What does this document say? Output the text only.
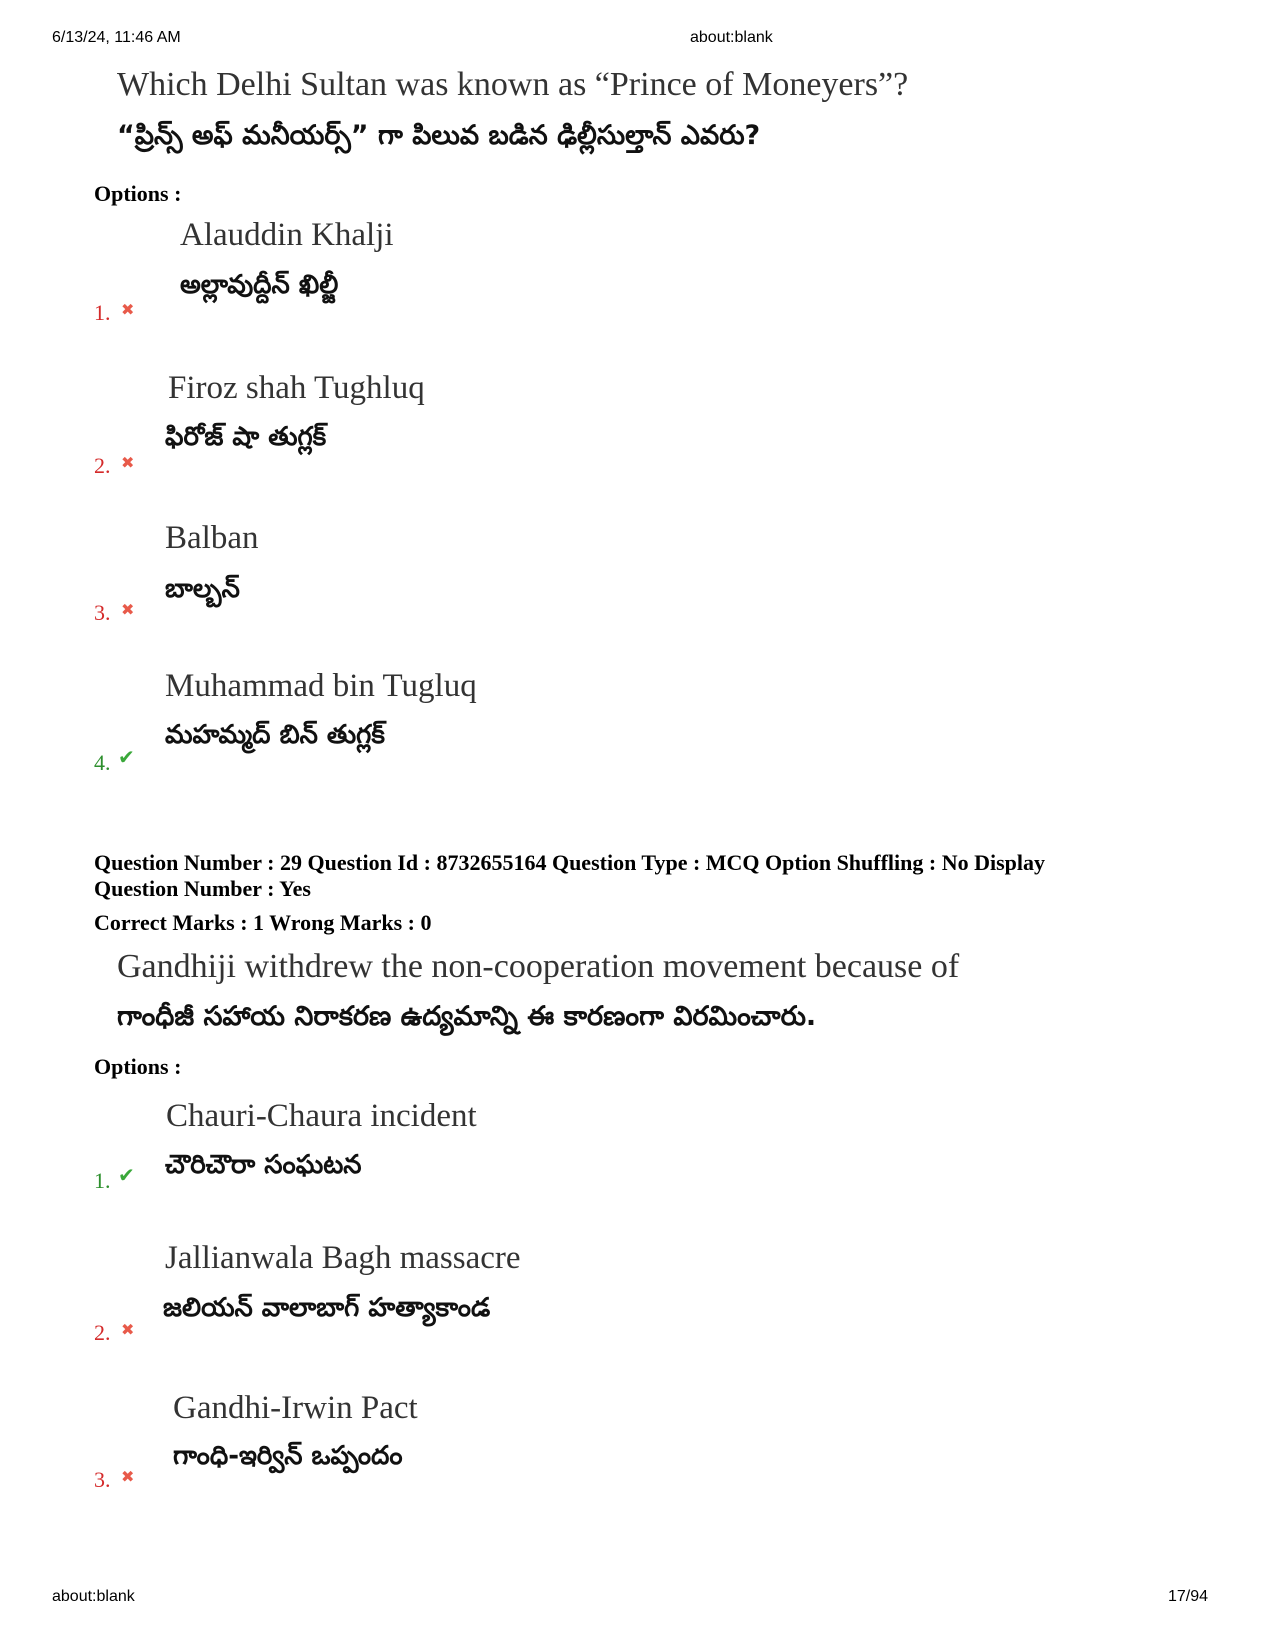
6/13/24, 11:46 AM	about:blank
Which Delhi Sultan was known as “Prince of Moneyers”?
“ప్రిన్స్ అఫ్ మనీయర్స్” గా పిలువ బడిన ఢిల్లీసుల్తాన్ ఎవరు?
Options :
Alauddin Khalji
అల్లావుద్దీన్ ఖిల్జీ
1. ✖
Firoz shah Tughluq
ఫిరోజ్ షా తుగ్లక్
2. ✖
Balban
బాల్బన్
3. ✖
Muhammad bin Tugluq
మహమ్మద్ బిన్ తుగ్లక్
4. ✔
Question Number : 29 Question Id : 8732655164 Question Type : MCQ Option Shuffling : No Display
Question Number : Yes
Correct Marks : 1 Wrong Marks : 0
Gandhiji withdrew the non-cooperation movement because of
గాంధీజీ సహాయ నిరాకరణ ఉద్యమాన్ని ఈ కారణంగా విరమించారు.
Options :
Chauri-Chaura incident
చౌరిచౌరా సంఘటన
1. ✔
Jallianwala Bagh massacre
జలియన్ వాలాబాగ్ హత్యాకాండ
2. ✖
Gandhi-Irwin Pact
గాంధి-ఇర్విన్ ఒప్పందం
3. ✖
about:blank	17/94
